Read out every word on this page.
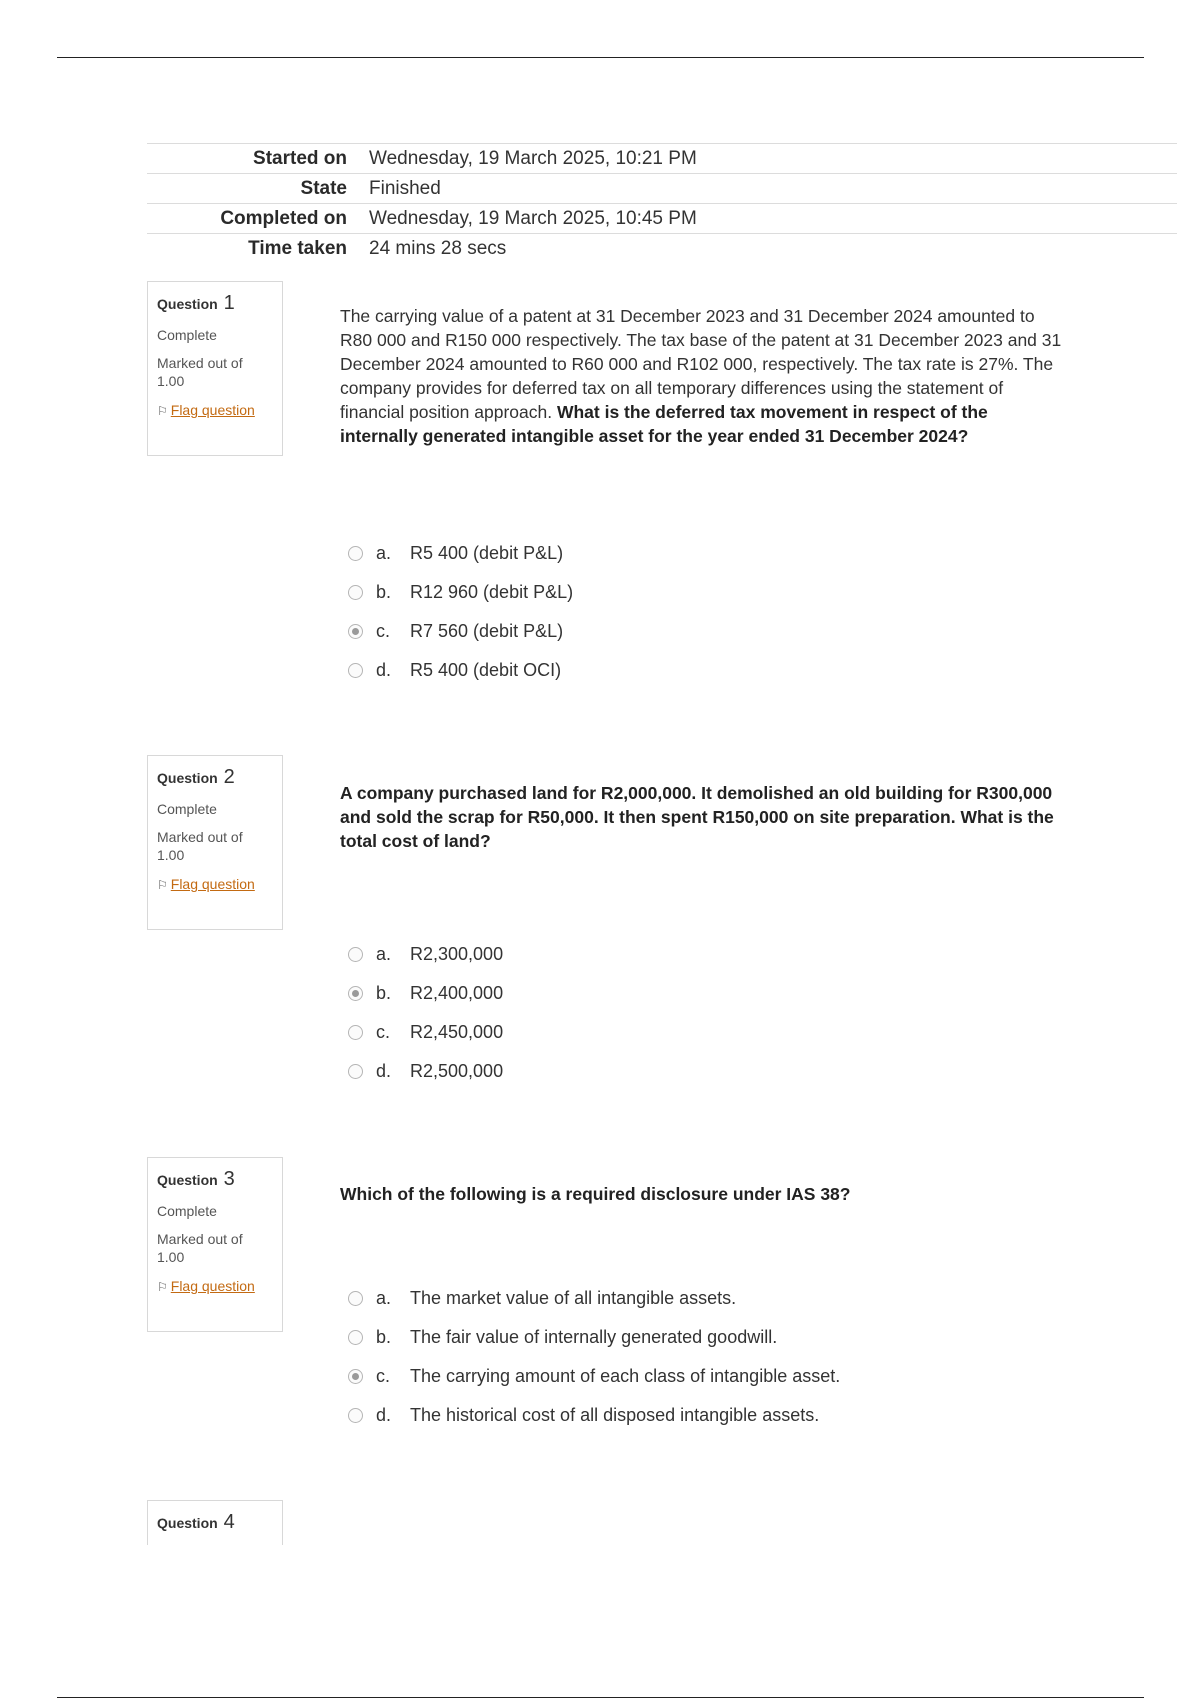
Started on	Wednesday, 19 March 2025, 10:21 PM
State	Finished
Completed on	Wednesday, 19 March 2025, 10:45 PM
Time taken	24 mins 28 secs
Question 1
Complete
Marked out of 1.00
⚐ Flag question
The carrying value of a patent at 31 December 2023 and 31 December 2024 amounted to R80 000 and R150 000 respectively. The tax base of the patent at 31 December 2023 and 31 December 2024 amounted to R60 000 and R102 000, respectively. The tax rate is 27%. The company provides for deferred tax on all temporary differences using the statement of financial position approach. What is the deferred tax movement in respect of the internally generated intangible asset for the year ended 31 December 2024?
a.	R5 400 (debit P&L)
b.	R12 960 (debit P&L)
c.	R7 560 (debit P&L)
d.	R5 400 (debit OCI)
Question 2
Complete
Marked out of 1.00
⚐ Flag question
A company purchased land for R2,000,000. It demolished an old building for R300,000 and sold the scrap for R50,000. It then spent R150,000 on site preparation. What is the total cost of land?
a.	R2,300,000
b.	R2,400,000
c.	R2,450,000
d.	R2,500,000
Question 3
Complete
Marked out of 1.00
⚐ Flag question
Which of the following is a required disclosure under IAS 38?
a.	The market value of all intangible assets.
b.	The fair value of internally generated goodwill.
c.	The carrying amount of each class of intangible asset.
d.	The historical cost of all disposed intangible assets.
Question 4
